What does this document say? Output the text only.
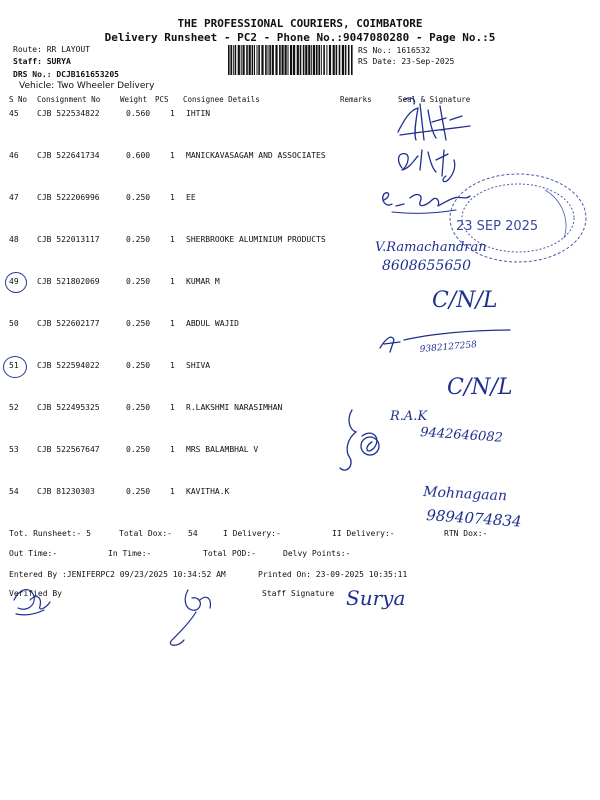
THE PROFESSIONAL COURIERS, COIMBATORE
Delivery Runsheet - PC2 - Phone No.:9047080280 - Page No.:5
Route: RR LAYOUT
Staff: SURYA
DRS No.: DCJB161653205
Vehicle: Two Wheeler Delivery
RS No.: 1616532
RS Date: 23-Sep-2025
S No Consignment No	Weight PCS Consignee Details	Remarks	Seal & Signature
45 CJB 522534822	0.560 1 IHTIN
46 CJB 522641734	0.600 1 MANICKAVASAGAM AND ASSOCIATES
47 CJB 522206996	0.250 1 EE
48 CJB 522013117	0.250 1 SHERBROOKE ALUMINIUM PRODUCTS
49 CJB 521802069	0.250 1 KUMAR M
50 CJB 522602177	0.250 1 ABDUL WAJID
51 CJB 522594022	0.250 1 SHIVA
52 CJB 522495325	0.250 1 R.LAKSHMI NARASIMHAN
53 CJB 522567647	0.250 1 MRS BALAMBHAL V
54 CJB 81230303	0.250 1 KAVITHA.K
23 SEP 2025
V.Ramachandran
8608655650
C/N/L
9382127258
C/N/L
R.A.K
9442646082
Mohnagaan
9894074834
Surya
Tot. Runsheet:- 5	Total Dox:- 54	I Delivery:-	II Delivery:-	RTN Dox:-
Out Time:-	In Time:-	Total POD:-	Delvy Points:-
Entered By :JENIFERPC2 09/23/2025 10:34:52 AM	Printed On: 23-09-2025 10:35:11
Verified By	Staff Signature
